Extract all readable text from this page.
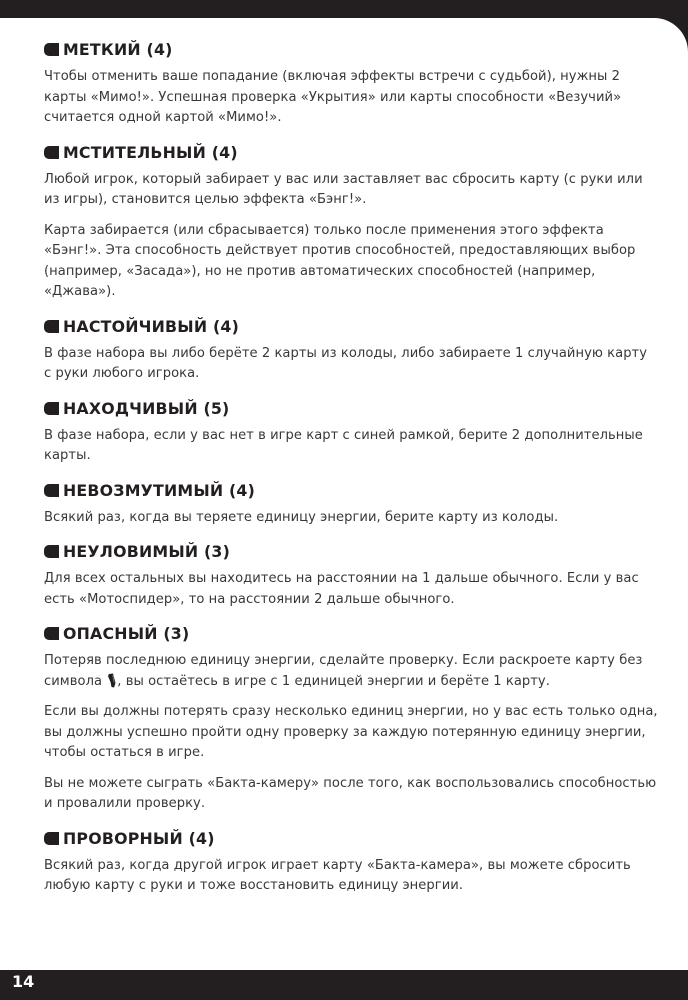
МЕТКИЙ (4)

Чтобы отменить ваше попадание (включая эффекты встречи с судьбой), нужны 2 карты «Мимо!». Успешная проверка «Укрытия» или карты способности «Везучий» считается одной картой «Мимо!».

МСТИТЕЛЬНЫЙ (4)

Любой игрок, который забирает у вас или заставляет вас сбросить карту (с руки или из игры), становится целью эффекта «Бэнг!».

Карта забирается (или сбрасывается) только после применения этого эффекта «Бэнг!». Эта способность действует против способностей, предоставляющих выбор (например, «Засада»), но не против автоматических способностей (например, «Джава»).

НАСТОЙЧИВЫЙ (4)

В фазе набора вы либо берёте 2 карты из колоды, либо забираете 1 случайную карту с руки любого игрока.

НАХОДЧИВЫЙ (5)

В фазе набора, если у вас нет в игре карт с синей рамкой, берите 2 дополнительные карты.

НЕВОЗМУТИМЫЙ (4)

Всякий раз, когда вы теряете единицу энергии, берите карту из колоды.

НЕУЛОВИМЫЙ (3)

Для всех остальных вы находитесь на расстоянии на 1 дальше обычного. Если у вас есть «Мотоспидер», то на расстоянии 2 дальше обычного.

ОПАСНЫЙ (3)

Потеряв последнюю единицу энергии, сделайте проверку. Если раскроете карту без символа , вы остаётесь в игре с 1 единицей энергии и берёте 1 карту.

Если вы должны потерять сразу несколько единиц энергии, но у вас есть только одна, вы должны успешно пройти одну проверку за каждую потерянную единицу энергии, чтобы остаться в игре.

Вы не можете сыграть «Бакта-камеру» после того, как воспользовались способностью и провалили проверку.

ПРОВОРНЫЙ (4)

Всякий раз, когда другой игрок играет карту «Бакта-камера», вы можете сбросить любую карту с руки и тоже восстановить единицу энергии.

14
